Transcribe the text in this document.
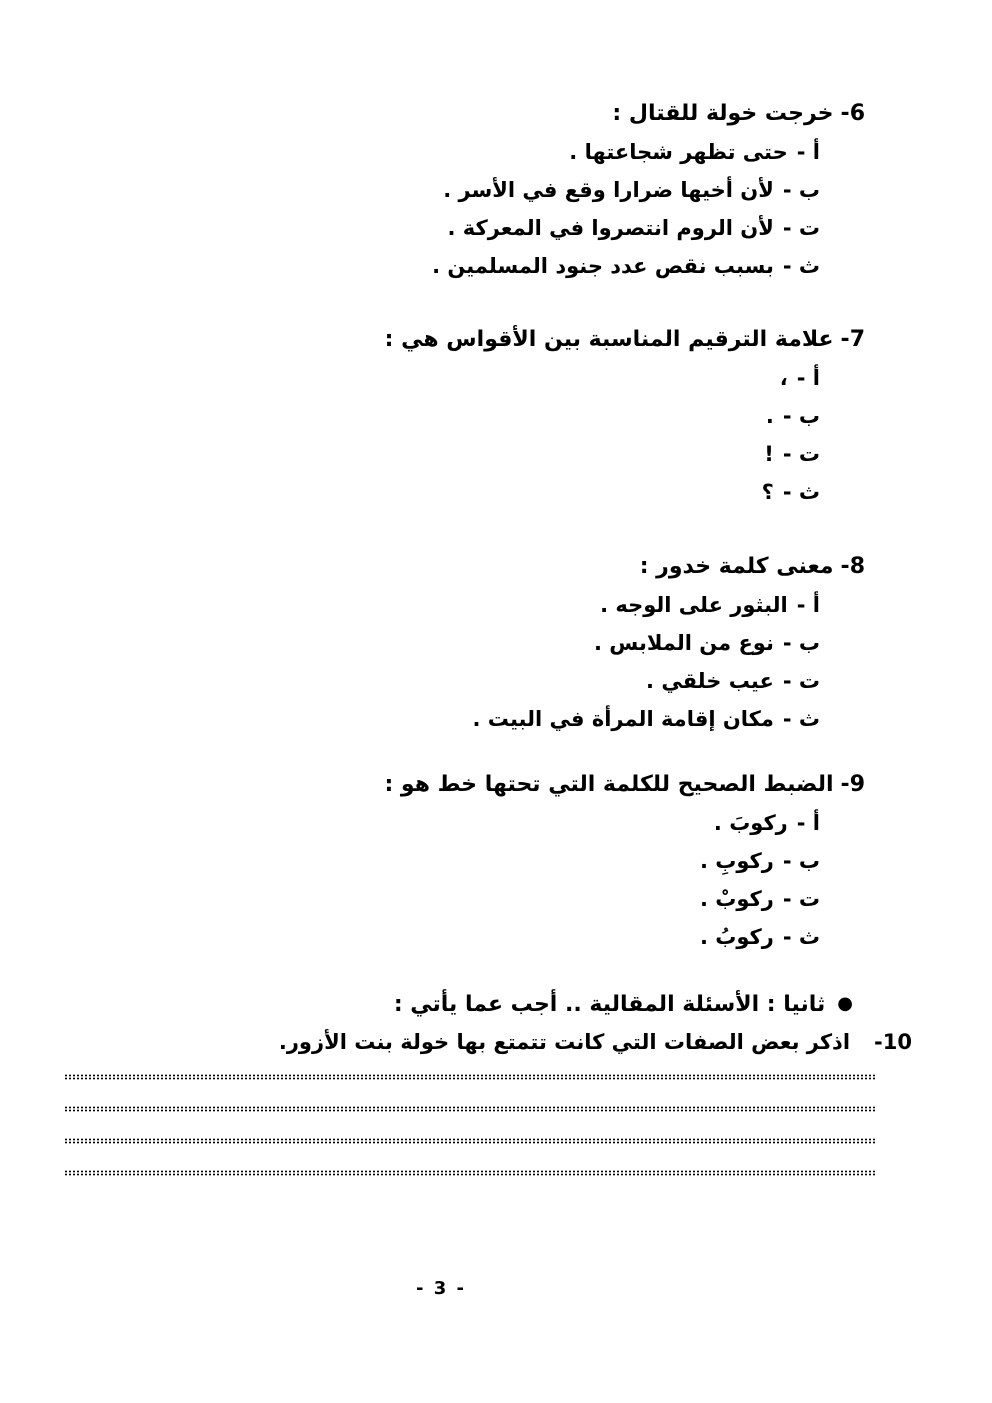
6-خرجت خولة للقتال :
أ -حتى تظهر شجاعتها .
ب -لأن أخيها ضرارا وقع في الأسر .
ت -لأن الروم انتصروا في المعركة .
ث -بسبب نقص عدد جنود المسلمين .
7-علامة الترقيم المناسبة بين الأقواس هي :
أ -،
ب -.
ت -!
ث -؟
8-معنى كلمة خدور :
أ -البثور على الوجه .
ب -نوع من الملابس .
ت -عيب خلقي .
ث -مكان إقامة المرأة في البيت .
9-الضبط الصحيح للكلمة التي تحتها خط هو :
أ -ركوبَ .
ب -ركوبِ .
ت -ركوبْ .
ث -ركوبُ .
●ثانيا : الأسئلة المقالية .. أجب عما يأتي :
10-اذكر بعض الصفات التي كانت تتمتع بها خولة بنت الأزور.
- 3 -
